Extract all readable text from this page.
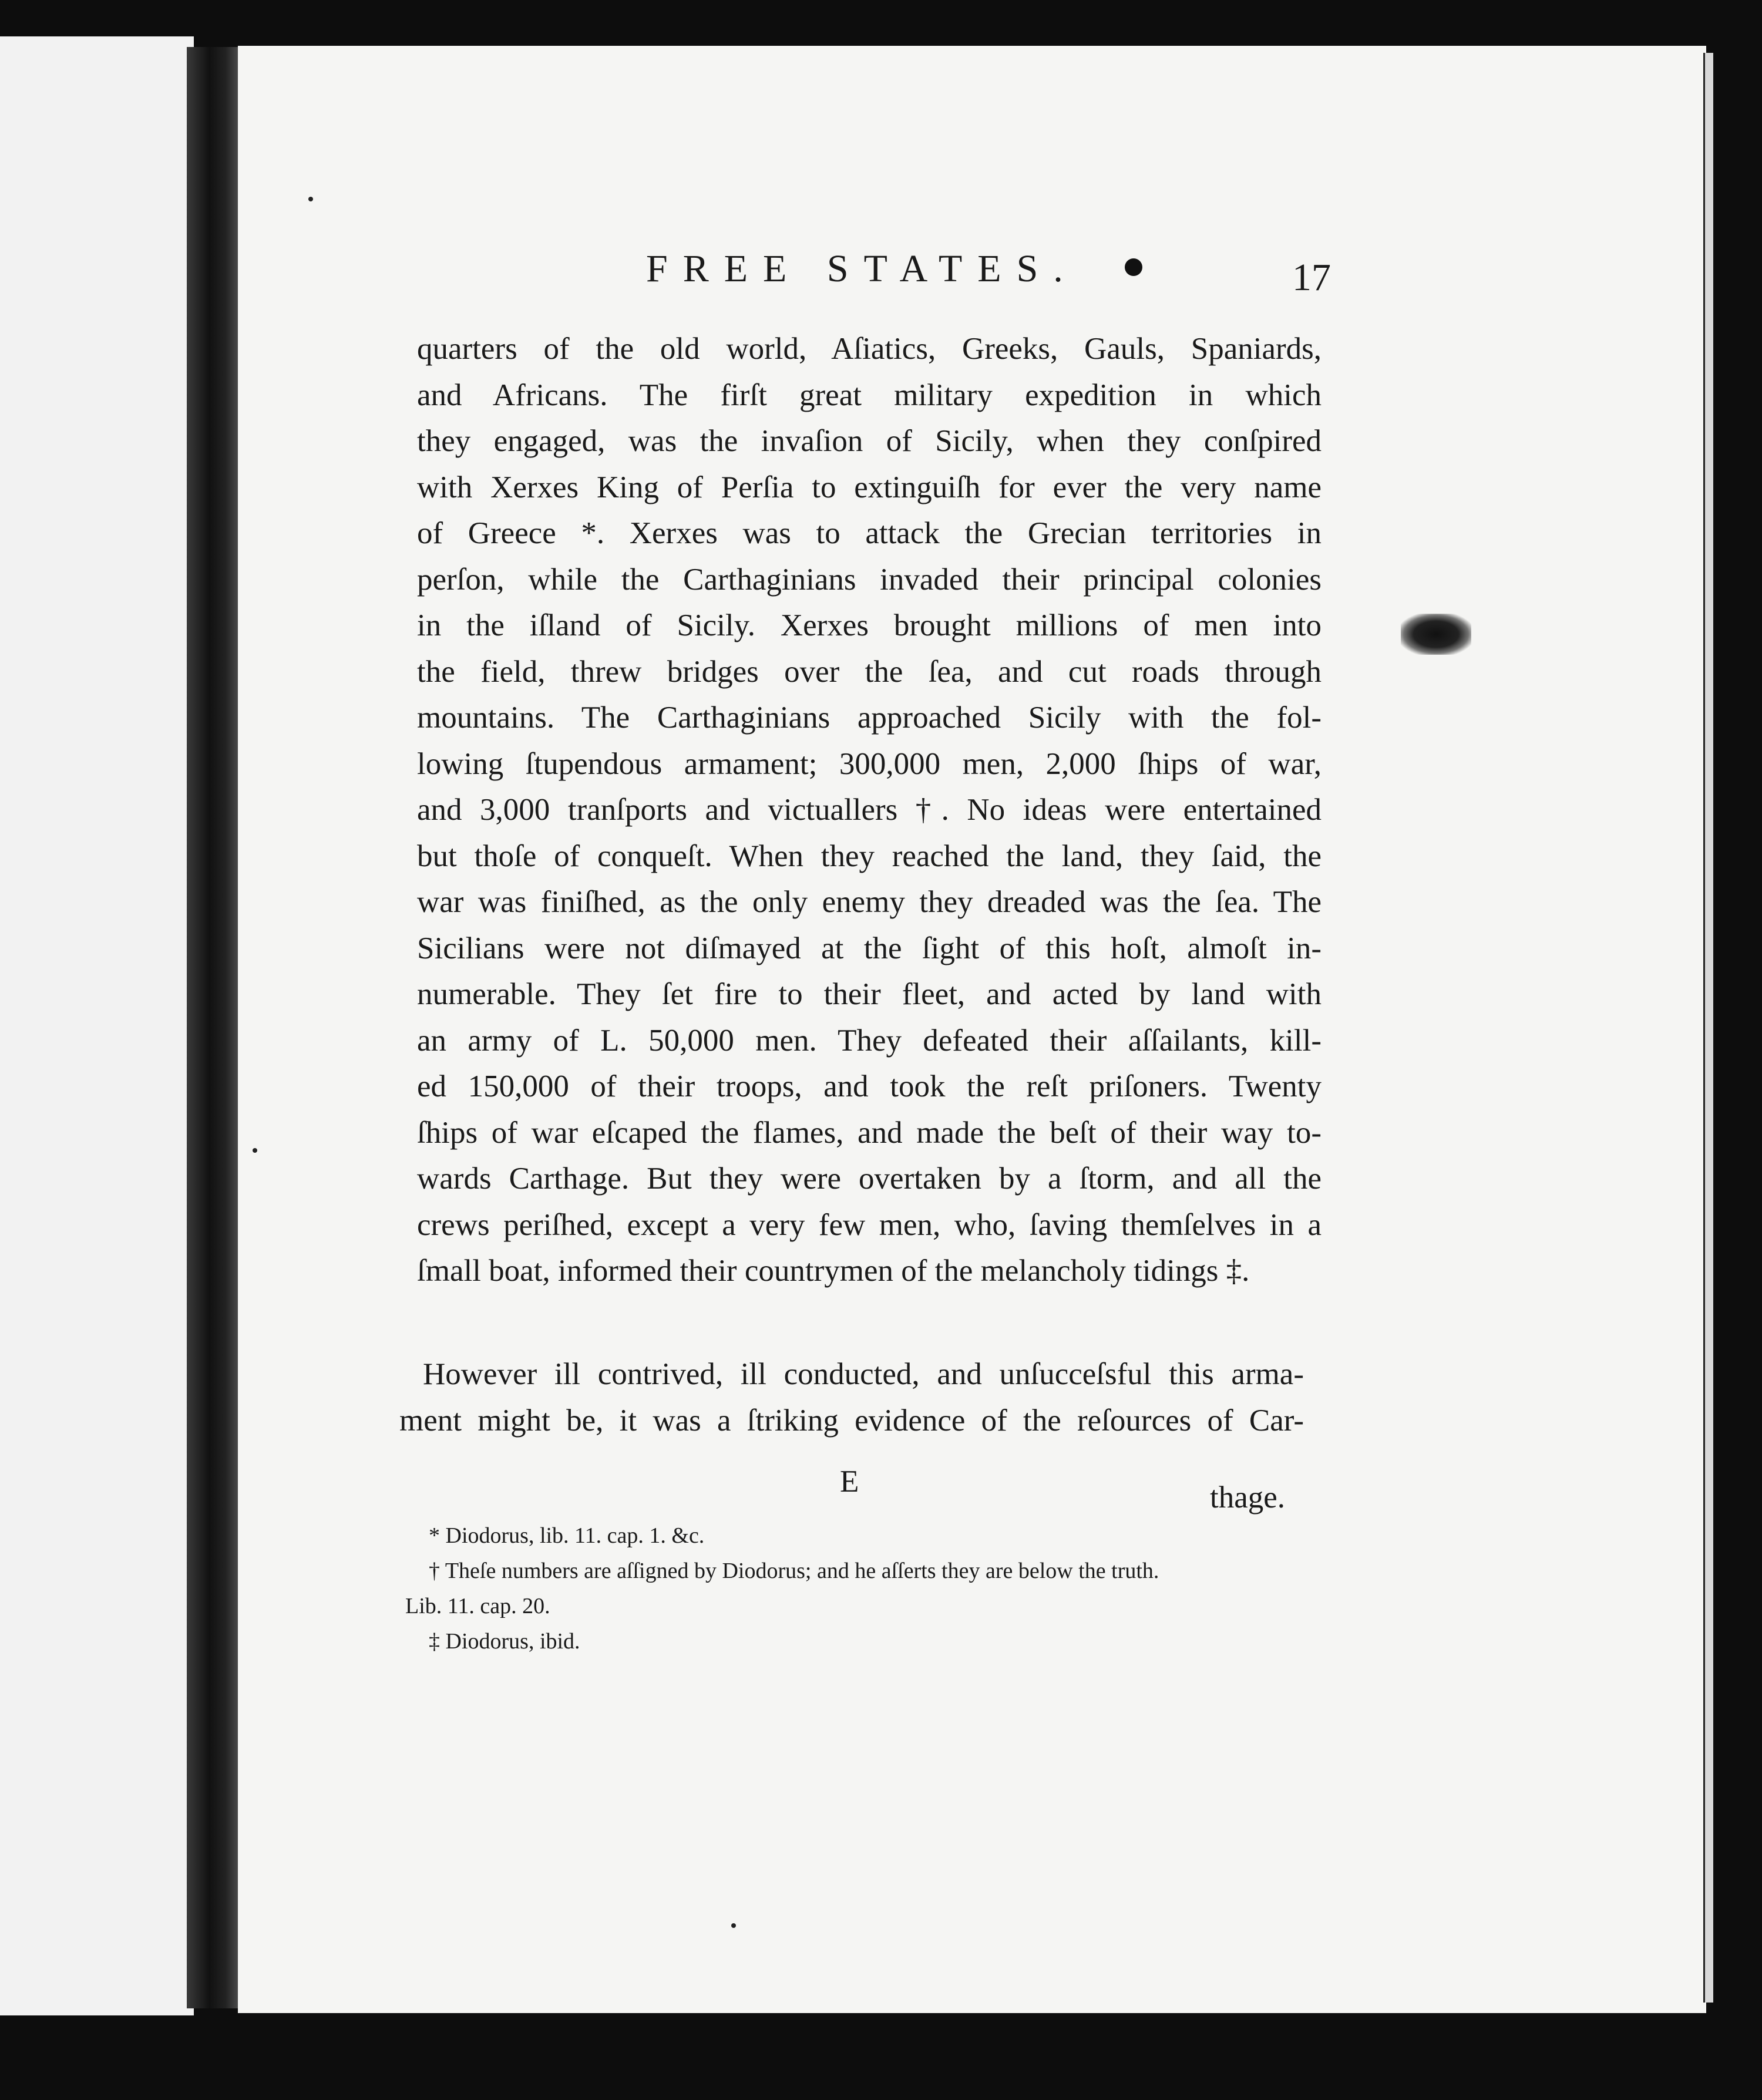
FREE STATES.	17
quarters of the old world, Aſiatics, Greeks, Gauls, Spaniards,
and Africans. The firſt great military expedition in which
they engaged, was the invaſion of Sicily, when they conſpired
with Xerxes King of Perſia to extinguiſh for ever the very name
of Greece *. Xerxes was to attack the Grecian territories in
perſon, while the Carthaginians invaded their principal colonies
in the iſland of Sicily. Xerxes brought millions of men into
the field, threw bridges over the ſea, and cut roads through
mountains. The Carthaginians approached Sicily with the fol-
lowing ſtupendous armament; 300,000 men, 2,000 ſhips of war,
and 3,000 tranſports and victuallers †. No ideas were entertained
but thoſe of conqueſt. When they reached the land, they ſaid, the
war was finiſhed, as the only enemy they dreaded was the ſea. The
Sicilians were not diſmayed at the ſight of this hoſt, almoſt in-
numerable. They ſet fire to their fleet, and acted by land with
an army of L. 50,000 men. They defeated their aſſailants, kill-
ed 150,000 of their troops, and took the reſt priſoners. Twenty
ſhips of war eſcaped the flames, and made the beſt of their way to-
wards Carthage. But they were overtaken by a ſtorm, and all the
crews periſhed, except a very few men, who, ſaving themſelves in a
ſmall boat, informed their countrymen of the melancholy tidings ‡.
However ill contrived, ill conducted, and unſucceſsful this arma-
ment might be, it was a ſtriking evidence of the reſources of Car-
E	thage.
* Diodorus, lib. 11. cap. 1. &c.
† Theſe numbers are aſſigned by Diodorus; and he aſſerts they are below the truth.
Lib. 11. cap. 20.
‡ Diodorus, ibid.
